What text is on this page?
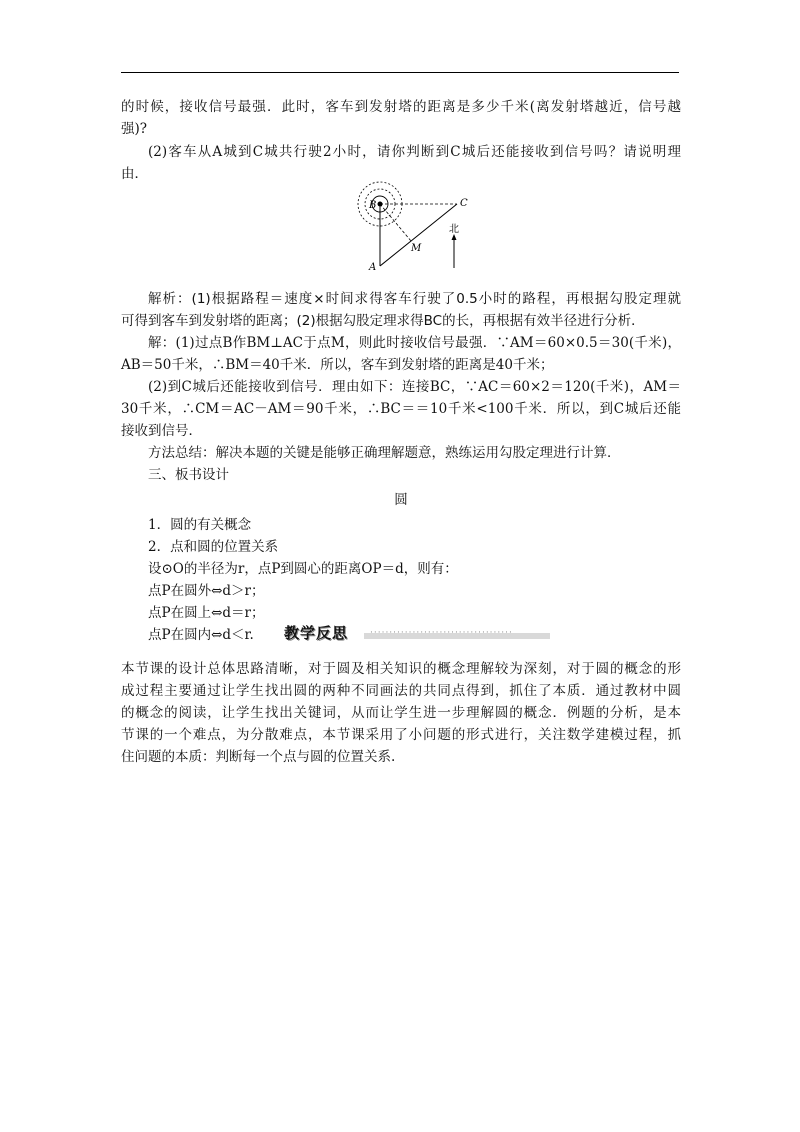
的时候，接收信号最强．此时，客车到发射塔的距离是多少千米(离发射塔越近，信号越

强)?

(2)客车从A城到C城共行驶2小时，请你判断到C城后还能接收到信号吗？请说明理

由．

B	C
M
A
北

解析：(1)根据路程＝速度×时间求得客车行驶了0.5小时的路程，再根据勾股定理就

可得到客车到发射塔的距离；(2)根据勾股定理求得BC的长，再根据有效半径进行分析．

解：(1)过点B作BM⊥AC于点M，则此时接收信号最强．∵AM＝60×0.5＝30(千米)，

AB＝50千米，∴BM＝40千米．所以，客车到发射塔的距离是40千米；

(2)到C城后还能接收到信号．理由如下：连接BC，∵AC＝60×2＝120(千米)，AM＝

30千米，∴CM＝AC－AM＝90千米，∴BC＝＝10千米<100千米．所以，到C城后还能

接收到信号．

方法总结：解决本题的关键是能够正确理解题意，熟练运用勾股定理进行计算．

三、板书设计

圆

1．圆的有关概念

2．点和圆的位置关系

设⊙O的半径为r，点P到圆心的距离OP＝d，则有：

点P在圆外⇔d＞r；

点P在圆上⇔d＝r；

点P在圆内⇔d＜r.	·····································
教学反思

本节课的设计总体思路清晰，对于圆及相关知识的概念理解较为深刻，对于圆的概念的形

成过程主要通过让学生找出圆的两种不同画法的共同点得到，抓住了本质．通过教材中圆

的概念的阅读，让学生找出关键词，从而让学生进一步理解圆的概念．例题的分析，是本

节课的一个难点，为分散难点，本节课采用了小问题的形式进行，关注数学建模过程，抓

住问题的本质：判断每一个点与圆的位置关系.
